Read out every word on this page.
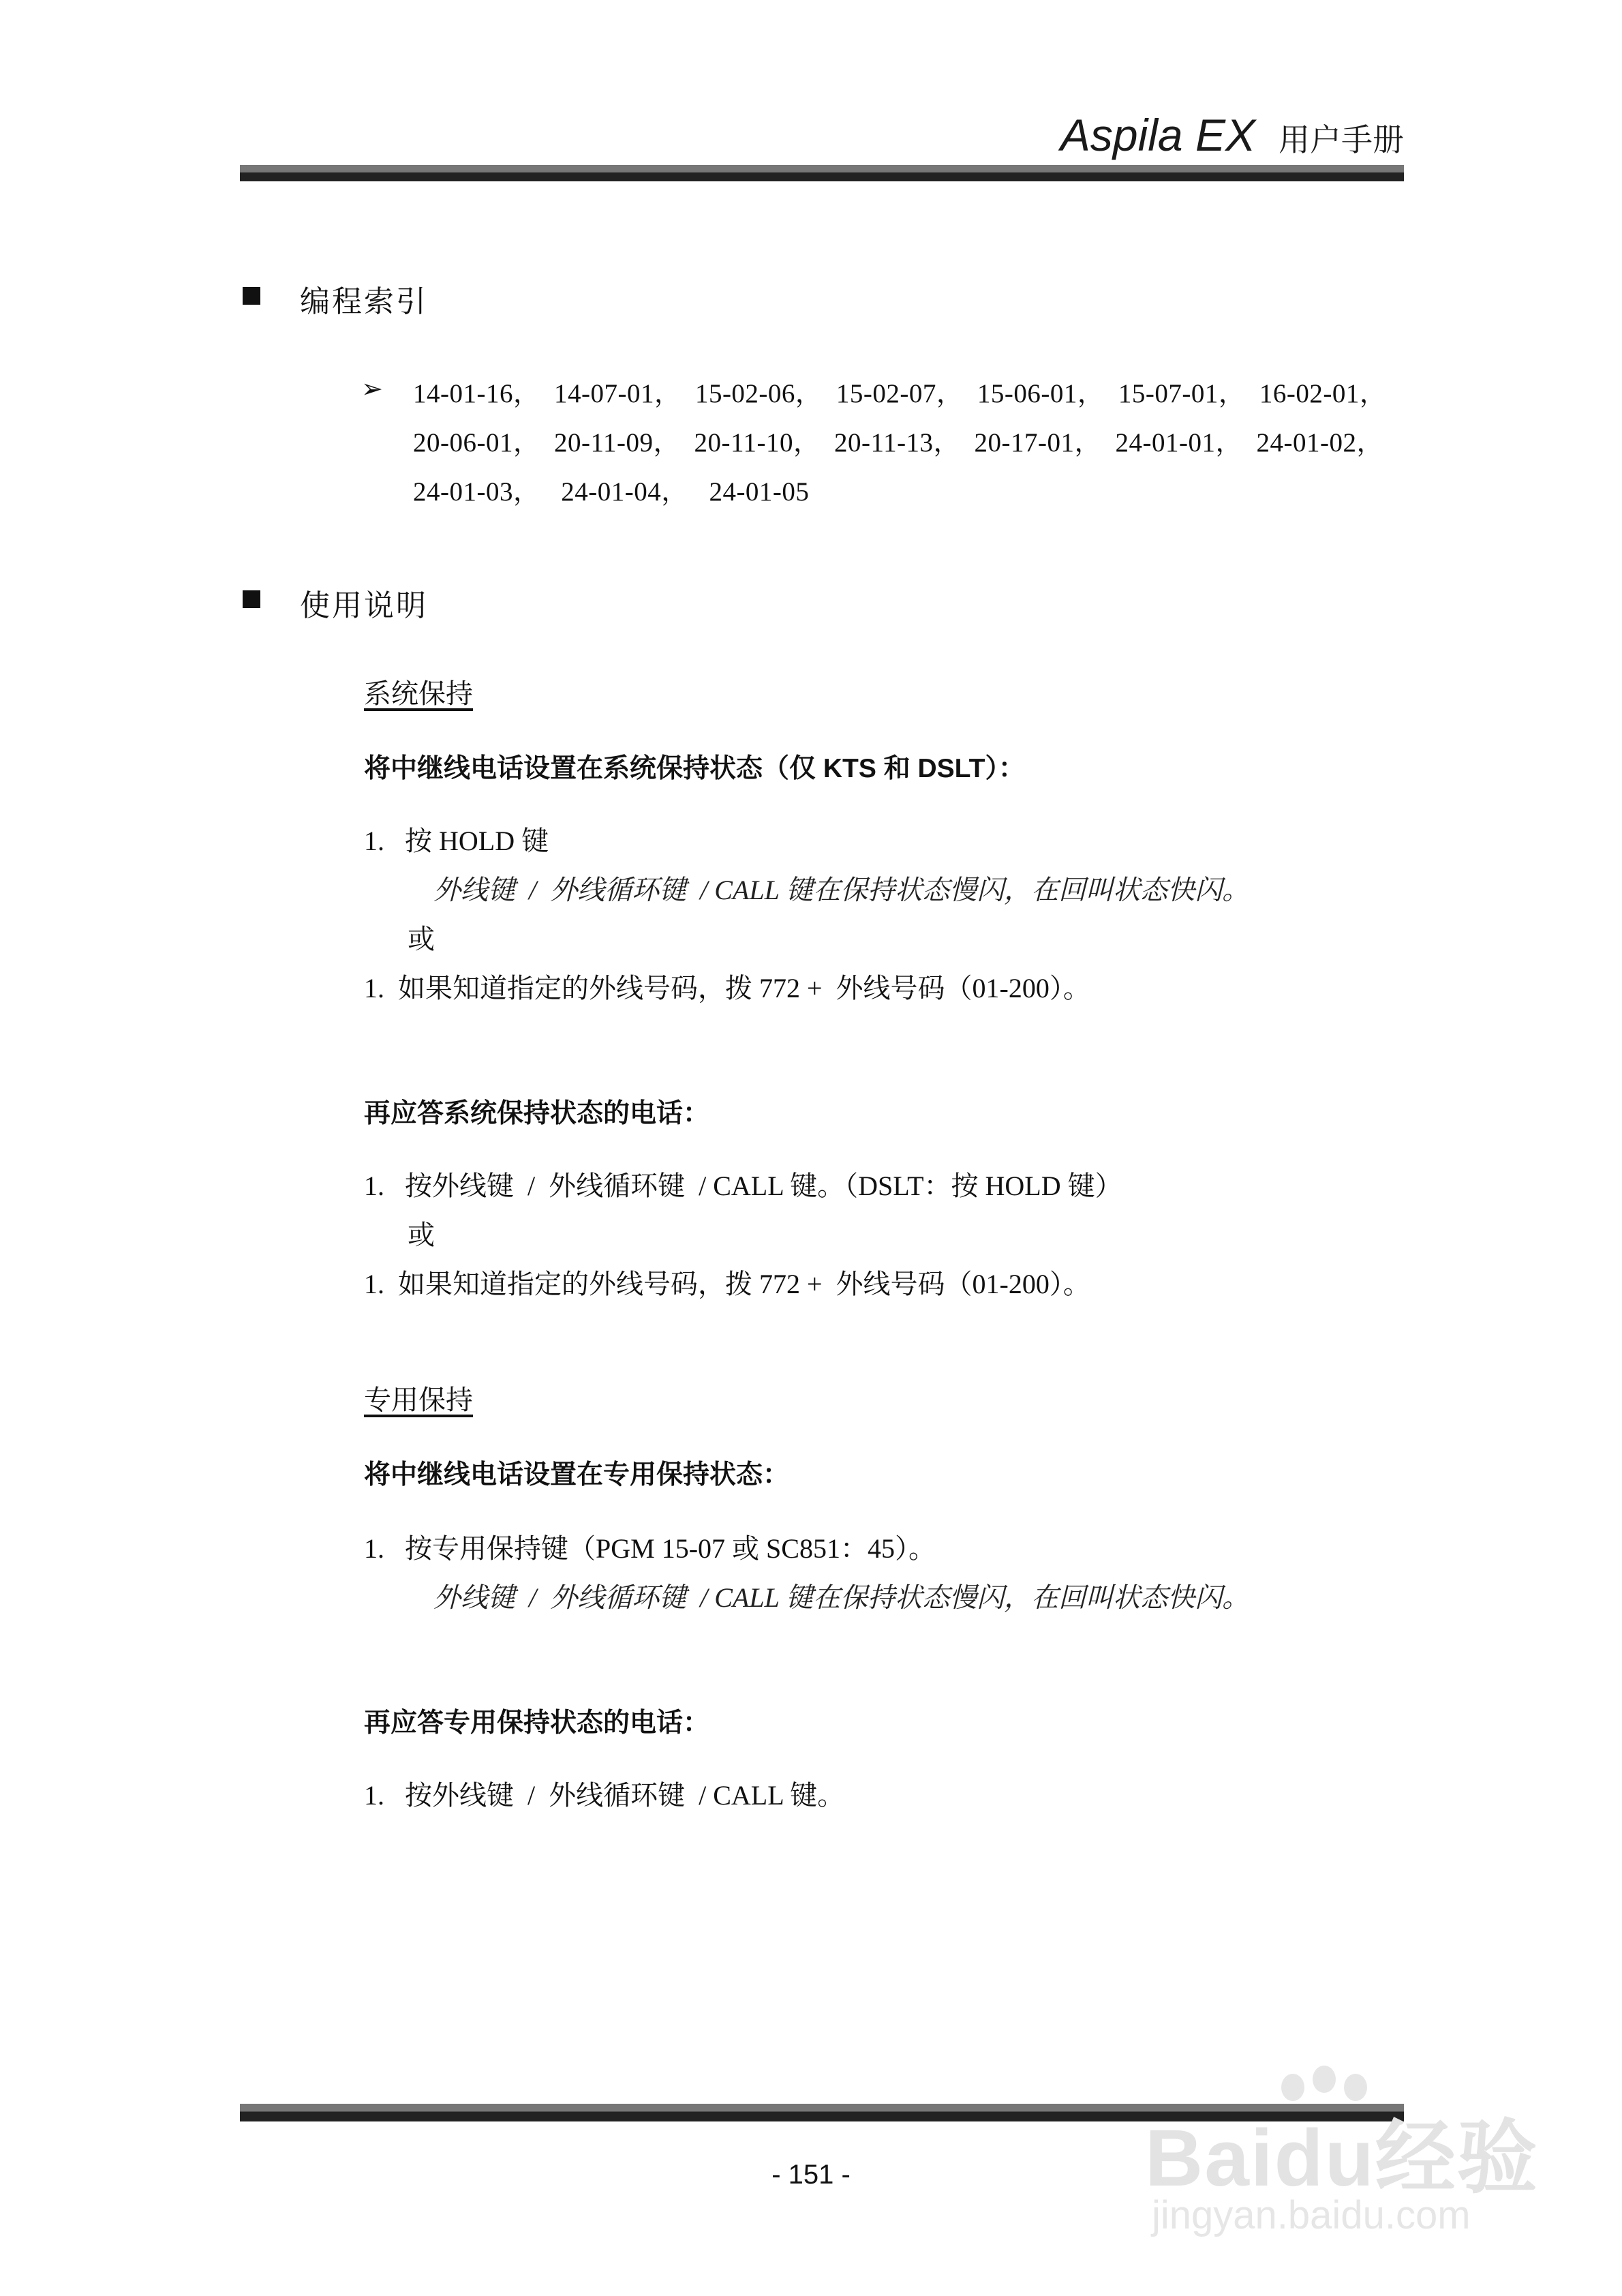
Aspila EX 用户手册
编程索引
➢ 14-01-16，  14-07-01，  15-02-06，  15-02-07，  15-06-01，  15-07-01，  16-02-01，
20-06-01，  20-11-09，  20-11-10，  20-11-13，  20-17-01，  24-01-01，  24-01-02，
24-01-03，   24-01-04，   24-01-05
使用说明
系统保持
将中继线电话设置在系统保持状态（仅 KTS 和 DSLT）：
1.   按 HOLD 键
外线键  /  外线循环键  / CALL 键在保持状态慢闪，在回叫状态快闪。
或
1.  如果知道指定的外线号码，拨 772 +  外线号码（01-200）。
再应答系统保持状态的电话：
1.   按外线键  /  外线循环键  / CALL 键。（DSLT：按 HOLD 键）
或
1.  如果知道指定的外线号码，拨 772 +  外线号码（01-200）。
专用保持
将中继线电话设置在专用保持状态：
1.   按专用保持键（PGM 15-07 或 SC851：45）。
外线键  /  外线循环键  / CALL 键在保持状态慢闪，在回叫状态快闪。
再应答专用保持状态的电话：
1.   按外线键  /  外线循环键  / CALL 键。
- 151 -	Baidu经验
jingyan.baidu.com
